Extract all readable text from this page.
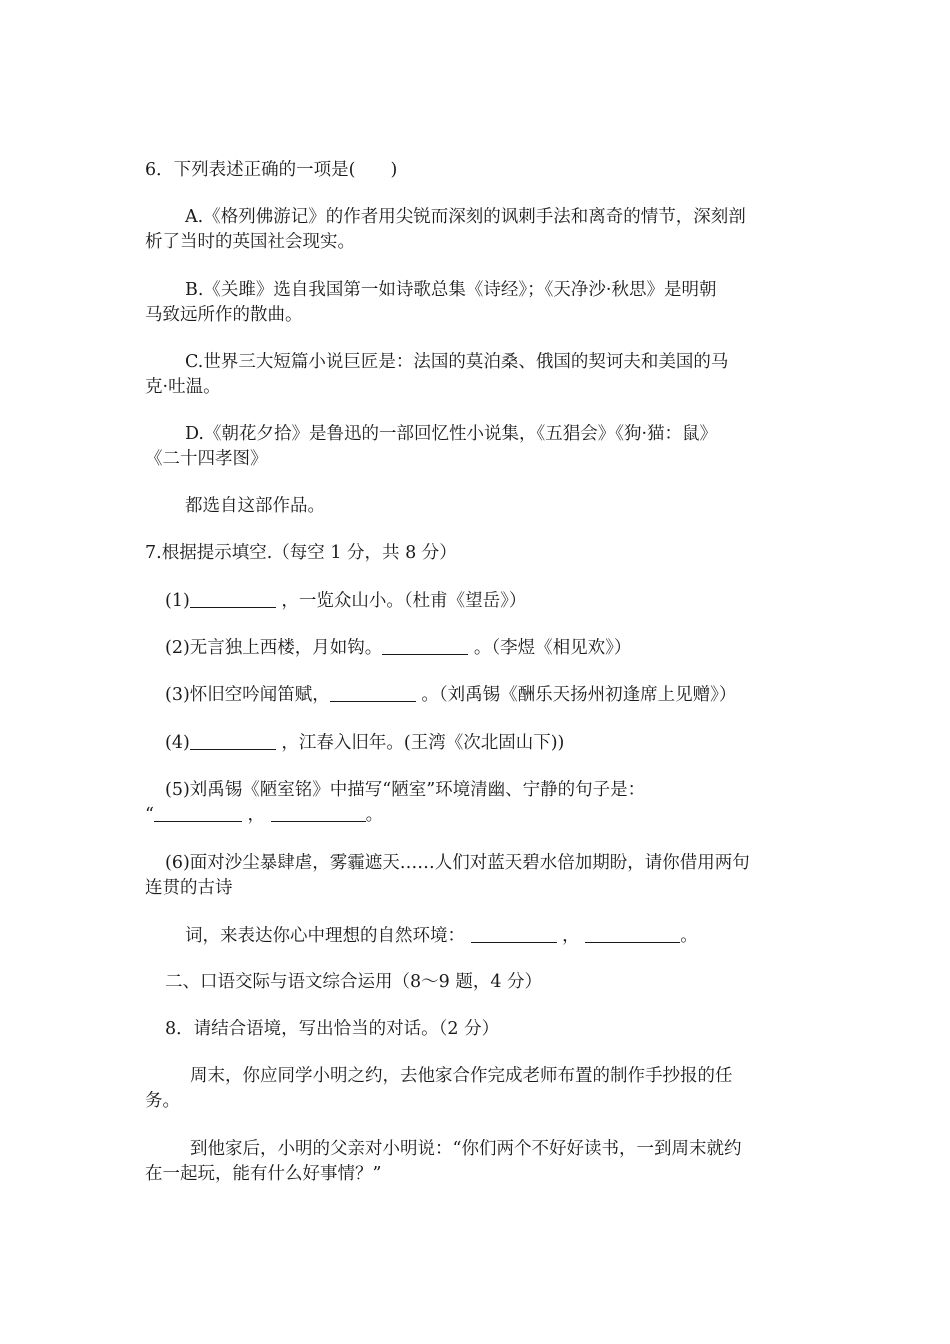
6．下列表述正确的一项是(　　)
A.《格列佛游记》的作者用尖锐而深刻的讽刺手法和离奇的情节，深刻剖
析了当时的英国社会现实。
B.《关雎》选自我国第一如诗歌总集《诗经》；《天净沙·秋思》是明朝
马致远所作的散曲。
C.世界三大短篇小说巨匠是：法国的莫泊桑、俄国的契诃夫和美国的马
克·吐温。
D.《朝花夕拾》是鲁迅的一部回忆性小说集，《五猖会》《狗·猫：鼠》
《二十四孝图》
都选自这部作品。
7.根据提示填空.（每空 1 分，共 8 分）
(1)	，一览众山小。（杜甫《望岳》）
(2)无言独上西楼，月如钩。	。（李煜《相见欢》）
(3)怀旧空吟闻笛赋，	。（刘禹锡《酬乐天扬州初逢席上见赠》）
(4)	，江春入旧年。(王湾《次北固山下))
(5)刘禹锡《陋室铭》中描写“陋室”环境清幽、宁静的句子是：
“	，	。
(6)面对沙尘暴肆虐，雾霾遮天……人们对蓝天碧水倍加期盼，请你借用两句
连贯的古诗
词，来表达你心中理想的自然环境：	，	。
二、口语交际与语文综合运用（8～9 题，4 分）
8．请结合语境，写出恰当的对话。（2 分）
周末，你应同学小明之约，去他家合作完成老师布置的制作手抄报的任
务。
到他家后，小明的父亲对小明说：“你们两个不好好读书，一到周末就约
在一起玩，能有什么好事情？”
